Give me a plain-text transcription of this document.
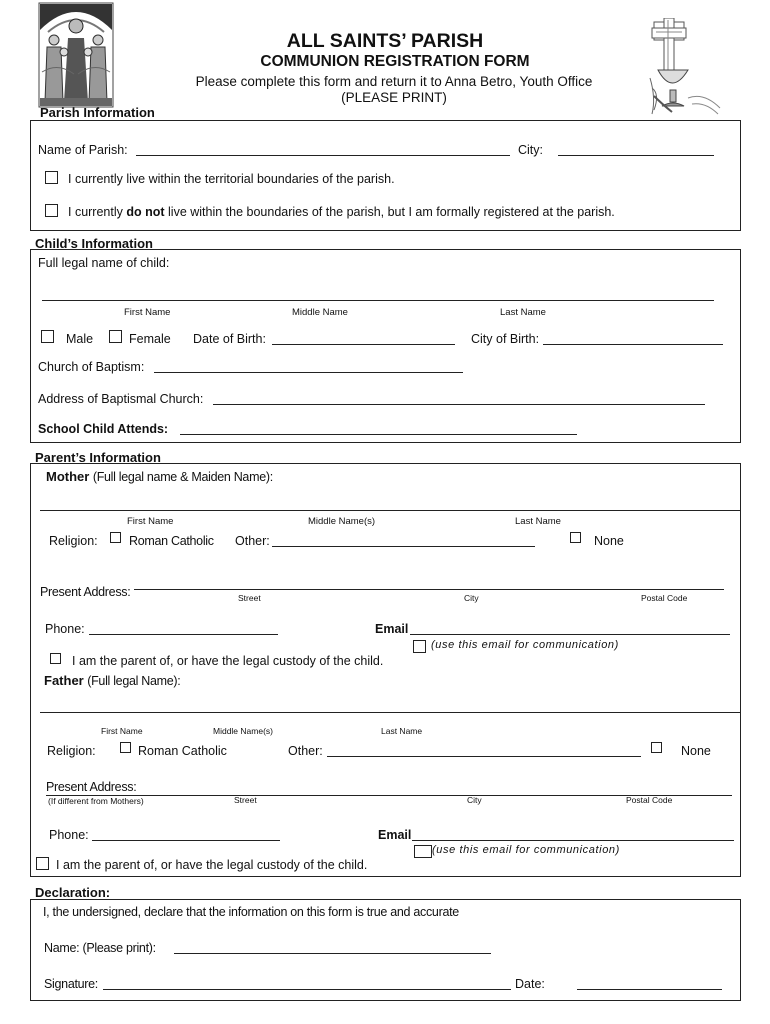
ALL SAINTS’ PARISH
COMMUNION REGISTRATION FORM
Please complete this form and return it to Anna Betro, Youth Office
(PLEASE PRINT)
Parish Information
Name of Parish:	City:
I currently live within the territorial boundaries of the parish.
I currently do not live within the boundaries of the parish, but I am formally registered at the parish.
Child’s Information
Full legal name of child:
First Name	Middle Name	Last Name
Male	Female Date of Birth:	City of Birth:
Church of Baptism:
Address of Baptismal Church:
School Child Attends:
Parent’s Information
Mother (Full legal name & Maiden Name):
First Name	Middle Name(s)	Last Name
Religion:	Roman Catholic Other:	None
Present Address:	Street	City	Postal Code
Phone:	Email
(use this email for communication)
I am the parent of, or have the legal custody of the child.
Father (Full legal Name):
First Name	Middle Name(s)	Last Name
Religion:	Roman Catholic	Other:	None
Present Address:
(If different from Mothers)	Street	City	Postal Code
Phone:	Email
(use this email for communication)
I am the parent of, or have the legal custody of the child.
Declaration:
I, the undersigned, declare that the information on this form is true and accurate
Name: (Please print):
Signature:	Date:
